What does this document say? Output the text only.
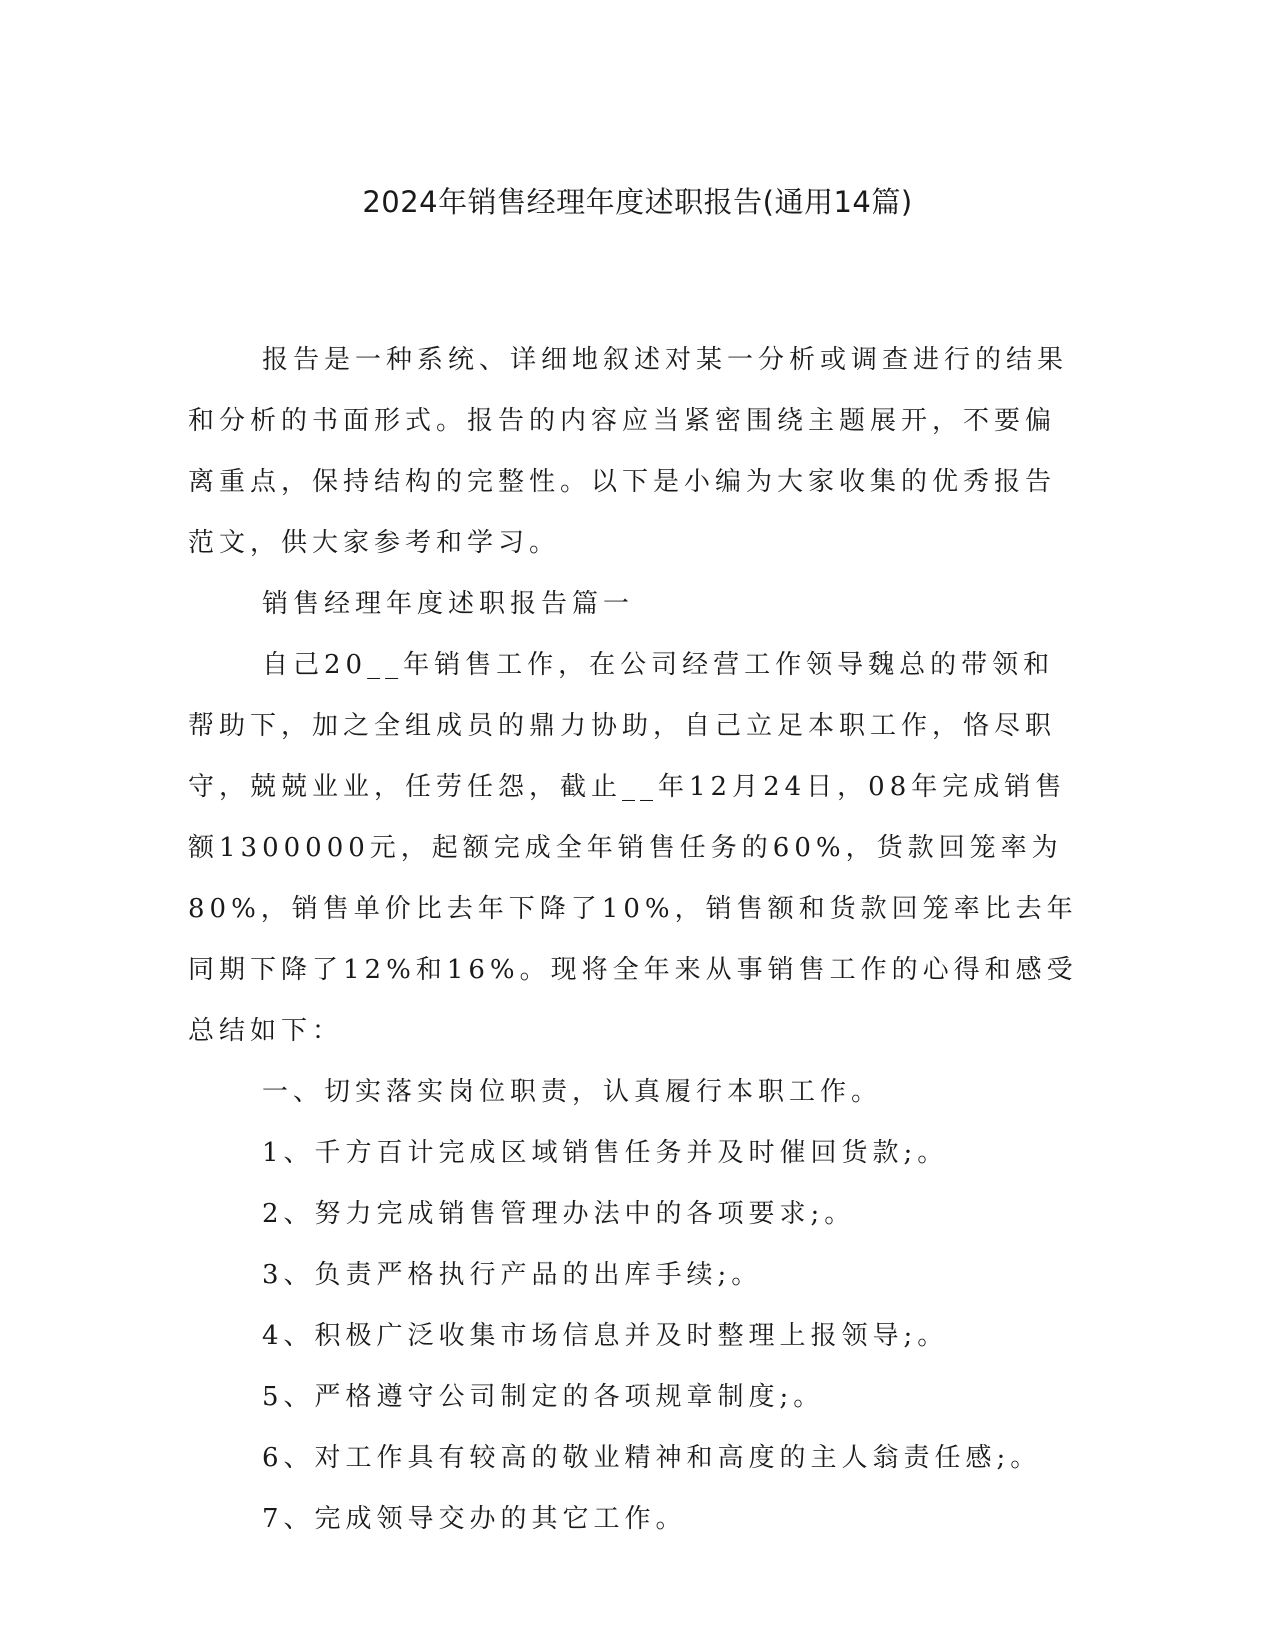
2024年销售经理年度述职报告(通用14篇)

报告是一种系统、详细地叙述对某一分析或调查进行的结果和分析的书面形式。报告的内容应当紧密围绕主题展开，不要偏离重点，保持结构的完整性。以下是小编为大家收集的优秀报告范文，供大家参考和学习。

销售经理年度述职报告篇一

自己20__年销售工作，在公司经营工作领导魏总的带领和帮助下，加之全组成员的鼎力协助，自己立足本职工作，恪尽职守，兢兢业业，任劳任怨，截止__年12月24日，08年完成销售额1300000元，起额完成全年销售任务的60%，货款回笼率为80%，销售单价比去年下降了10%，销售额和货款回笼率比去年同期下降了12%和16%。现将全年来从事销售工作的心得和感受总结如下：

一、切实落实岗位职责，认真履行本职工作。

1、千方百计完成区域销售任务并及时催回货款;。

2、努力完成销售管理办法中的各项要求;。

3、负责严格执行产品的出库手续;。

4、积极广泛收集市场信息并及时整理上报领导;。

5、严格遵守公司制定的各项规章制度;。

6、对工作具有较高的敬业精神和高度的主人翁责任感;。

7、完成领导交办的其它工作。
